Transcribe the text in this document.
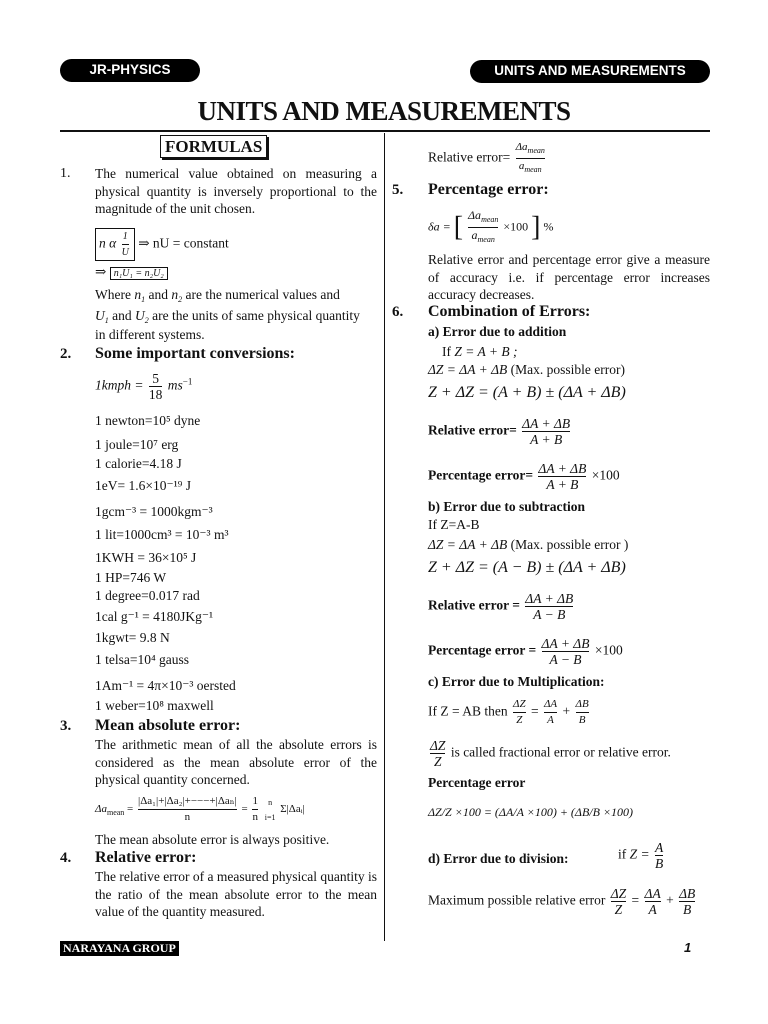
JR-PHYSICS	UNITS AND MEASUREMENTS
UNITS AND MEASUREMENTS
FORMULAS
1. The numerical value obtained on measuring a physical quantity is inversely proportional to the magnitude of the unit chosen.
n α $\frac{1}{U}$ ⇒ nU = constant
⇒ n₁U₁ = n₂U₂
Where $n_1$ and $n_2$ are the numerical values and
$U_1$ and $U_2$ are the units of same physical quantity
in different systems.
2. Some important conversions:
1kmph = $\frac{5}{18} ms^{-1}$
1 newton=10⁵ dyne
1 joule=10⁷ erg
1 calorie=4.18 J
1eV= 1.6×10⁻¹⁹ J
1gcm⁻³ = 1000kgm⁻³
1 lit=1000cm³ = 10⁻³ m³
1KWH = 36×10⁵ J
1 HP=746 W
1 degree=0.017 rad
1cal g⁻¹ = 4180JKg⁻¹
1kgwt= 9.8 N
1 telsa=10⁴ gauss
1Am⁻¹ = 4π×10⁻³ oersted
1 weber=10⁸ maxwell
3. Mean absolute error:
The arithmetic mean of all the absolute errors is considered as the mean absolute error of the physical quantity concerned.
$\Delta a_{mean} = \frac{\text{|Δa₁|+|Δa₂|+−−−+|Δaₙ|}}{n} = \frac{1}{n}$
	n
i=1
Σ|Δaᵢ|
The mean absolute error is always positive.
4. Relative error:
The relative error of a measured physical quantity is the ratio of the mean absolute error to the mean value of the quantity measured.
Relative error= $\frac{\Delta a_{mean}}{a_{mean}}$
5. Percentage error:
δa = [ $\frac{\Delta a_{mean}}{a_{mean}} \times 100$ ] %
Relative error and percentage error give a measure of accuracy i.e. if percentage error increases accuracy decreases.
6. Combination of Errors:
a) Error due to addition
If Z = A + B ;
ΔZ = ΔA + ΔB (Max. possible error)
Z + ΔZ = (A + B) ± (ΔA + ΔB)
Relative error= $\frac{\Delta A + \Delta B}{A + B}$
Percentage error= $\frac{\Delta A + \Delta B}{A + B} \times 100$
b) Error due to subtraction
If Z=A-B
ΔZ = ΔA + ΔB (Max. possible error )
Z + ΔZ = (A − B) ± (ΔA + ΔB)
Relative error = $\frac{\Delta A + \Delta B}{A - B}$
Percentage error = $\frac{\Delta A + \Delta B}{A - B} \times 100$
c) Error due to Multiplication:
If Z = AB then $\frac{\Delta Z}{Z} = \frac{\Delta A}{A} + \frac{\Delta B}{B}$
$\frac{\Delta Z}{Z}$ is called fractional error or relative error.
Percentage error
ΔZ/Z ×100 = (ΔA/A ×100) + (ΔB/B ×100)
d) Error due to division:	if $Z = \frac{A}{B}$
Maximum possible relative error $\frac{\Delta Z}{Z} = \frac{\Delta A}{A} + \frac{\Delta B}{B}$
NARAYANA GROUP	1
